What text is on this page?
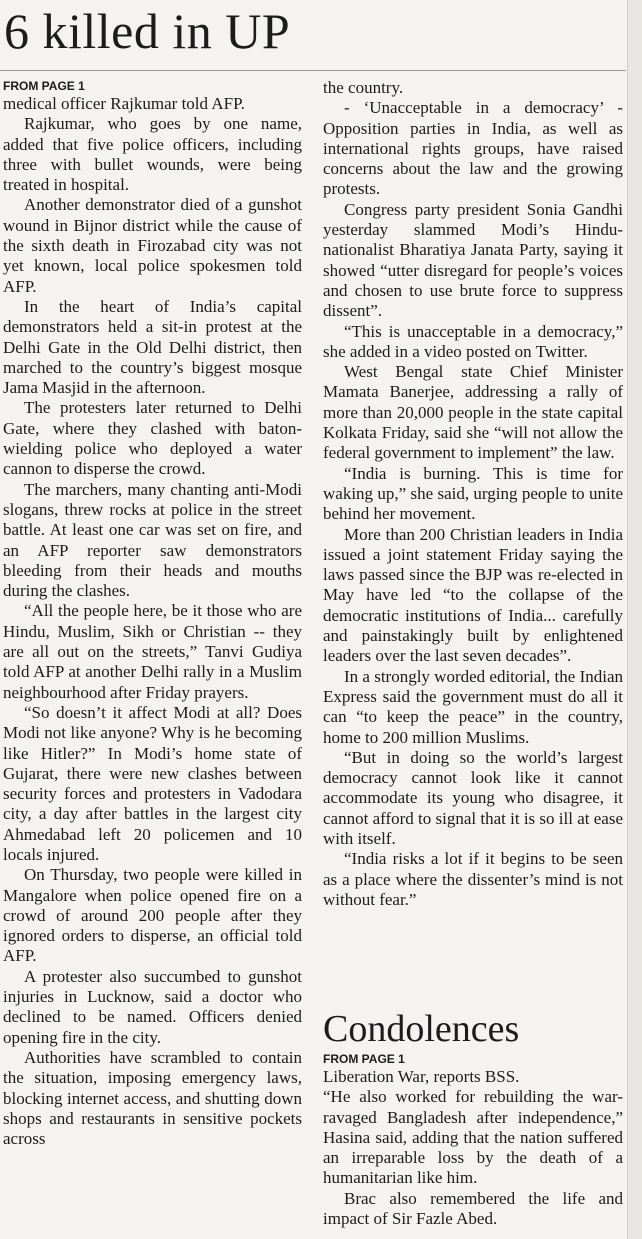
6 killed in UP
FROM PAGE 1

medical officer Rajkumar told AFP.

Rajkumar, who goes by one name, added that five police officers, including three with bullet wounds, were being treated in hospital.

Another demonstrator died of a gunshot wound in Bijnor district while the cause of the sixth death in Firozabad city was not yet known, local police spokesmen told AFP.

In the heart of India’s capital demonstrators held a sit-in protest at the Delhi Gate in the Old Delhi district, then marched to the country’s biggest mosque Jama Masjid in the afternoon.

The protesters later returned to Delhi Gate, where they clashed with baton-wielding police who deployed a water cannon to disperse the crowd.

The marchers, many chanting anti-Modi slogans, threw rocks at police in the street battle. At least one car was set on fire, and an AFP reporter saw demonstrators bleeding from their heads and mouths during the clashes.

“All the people here, be it those who are Hindu, Muslim, Sikh or Christian -- they are all out on the streets,” Tanvi Gudiya told AFP at another Delhi rally in a Muslim neighbourhood after Friday prayers.

“So doesn’t it affect Modi at all? Does Modi not like anyone? Why is he becoming like Hitler?” In Modi’s home state of Gujarat, there were new clashes between security forces and protesters in Vadodara city, a day after battles in the largest city Ahmedabad left 20 policemen and 10 locals injured.

On Thursday, two people were killed in Mangalore when police opened fire on a crowd of around 200 people after they ignored orders to disperse, an official told AFP.

A protester also succumbed to gunshot injuries in Lucknow, said a doctor who declined to be named. Officers denied opening fire in the city.

Authorities have scrambled to contain the situation, imposing emergency laws, blocking internet access, and shutting down shops and restaurants in sensitive pockets across

the country.

- ‘Unacceptable in a democracy’ - Opposition parties in India, as well as international rights groups, have raised concerns about the law and the growing protests.

Congress party president Sonia Gandhi yesterday slammed Modi’s Hindu-nationalist Bharatiya Janata Party, saying it showed “utter disregard for people’s voices and chosen to use brute force to suppress dissent”.

“This is unacceptable in a democracy,” she added in a video posted on Twitter.

West Bengal state Chief Minister Mamata Banerjee, addressing a rally of more than 20,000 people in the state capital Kolkata Friday, said she “will not allow the federal government to implement” the law.

“India is burning. This is time for waking up,” she said, urging people to unite behind her movement.

More than 200 Christian leaders in India issued a joint statement Friday saying the laws passed since the BJP was re-elected in May have led “to the collapse of the democratic institutions of India... carefully and painstakingly built by enlightened leaders over the last seven decades”.

In a strongly worded editorial, the Indian Express said the government must do all it can “to keep the peace” in the country, home to 200 million Muslims.

“But in doing so the world’s largest democracy cannot look like it cannot accommodate its young who disagree, it cannot afford to signal that it is so ill at ease with itself.

“India risks a lot if it begins to be seen as a place where the dissenter’s mind is not without fear.”

Condolences
FROM PAGE 1

Liberation War, reports BSS.

“He also worked for rebuilding the war-ravaged Bangladesh after independence,” Hasina said, adding that the nation suffered an irreparable loss by the death of a humanitarian like him.

Brac also remembered the life and impact of Sir Fazle Abed.
